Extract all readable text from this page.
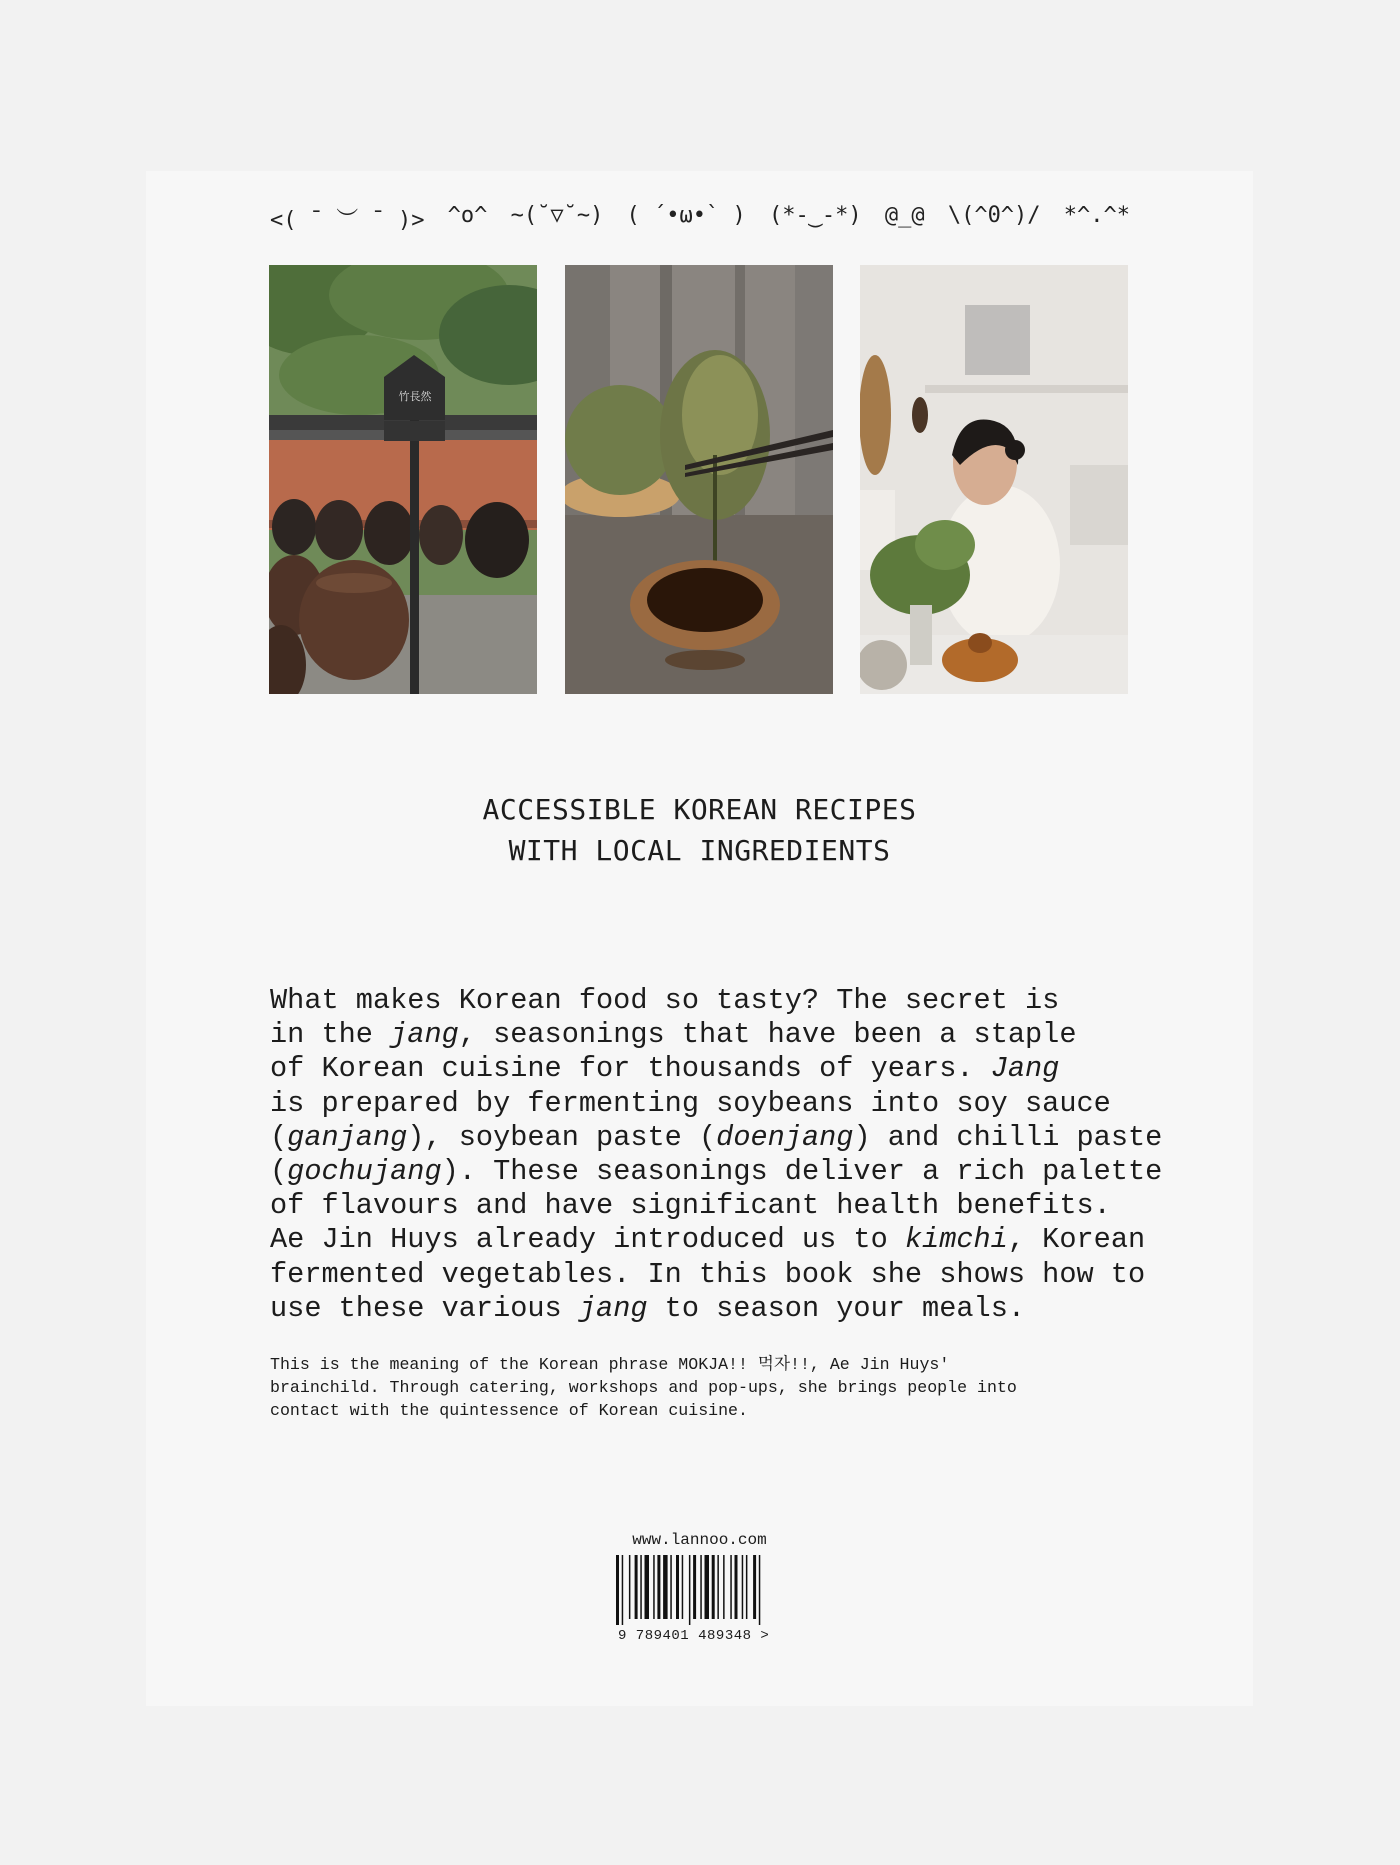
<( ¯ ︶ ¯ )> ^o^ ~(˘▽˘~) ( ´•ω•` ) (*-‿-*) @_@ \(^0^)/ *^.^*
竹長然
ACCESSIBLE KOREAN RECIPES
WITH LOCAL INGREDIENTS
What makes Korean food so tasty? The secret is
in the jang, seasonings that have been a staple
of Korean cuisine for thousands of years. Jang
is prepared by fermenting soybeans into soy sauce
(ganjang), soybean paste (doenjang) and chilli paste
(gochujang). These seasonings deliver a rich palette
of flavours and have significant health benefits.
Ae Jin Huys already introduced us to kimchi, Korean
fermented vegetables. In this book she shows how to
use these various jang to season your meals.
This is the meaning of the Korean phrase MOKJA!! 먹자!!, Ae Jin Huys'
brainchild. Through catering, workshops and pop-ups, she brings people into
contact with the quintessence of Korean cuisine.
www.lannoo.com
9 789401 489348 >
